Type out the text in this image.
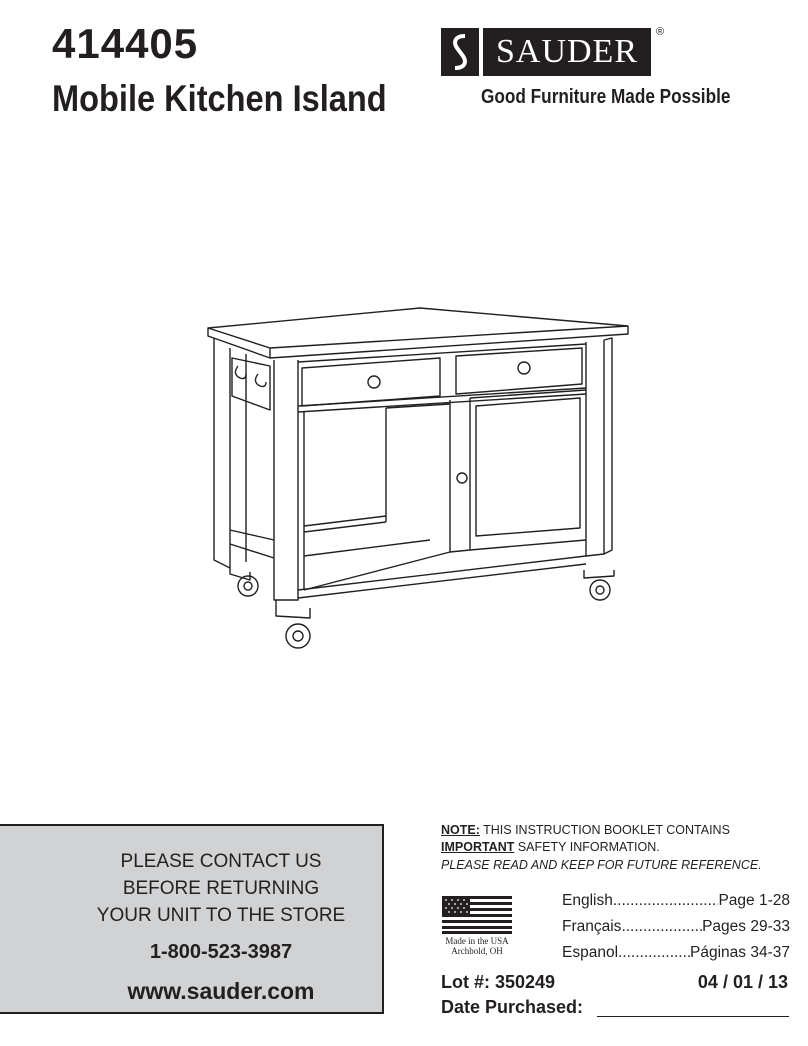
414405
Mobile Kitchen Island
SAUDER
®
Good Furniture Made Possible
PLEASE CONTACT US
BEFORE RETURNING
YOUR UNIT TO THE STORE
1-800-523-3987
www.sauder.com
NOTE: THIS INSTRUCTION BOOKLET CONTAINS
IMPORTANT SAFETY INFORMATION.
PLEASE READ AND KEEP FOR FUTURE REFERENCE.
Made in the USA
Archbold, OH
English .....	Page 1-28
Français .....	Pages 29-33
Espanol .....	Páginas 34-37
Lot #: 350249	04 / 01 / 13
Date Purchased:
